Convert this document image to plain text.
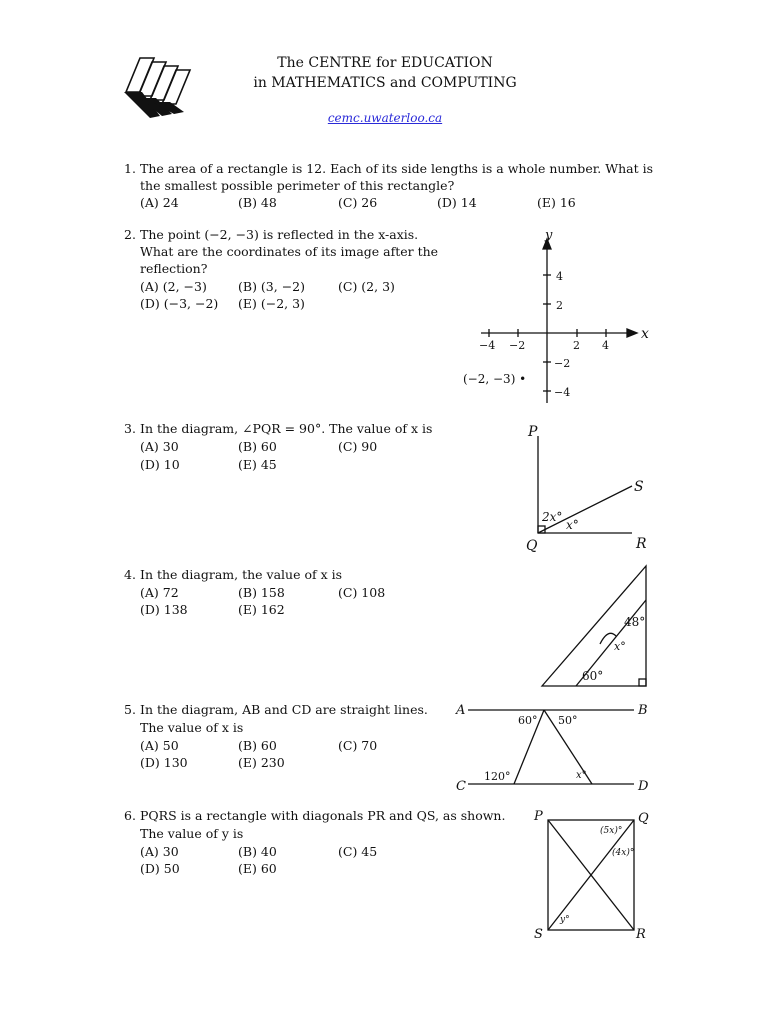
The CENTRE for EDUCATION
in MATHEMATICS and COMPUTING
cemc.uwaterloo.ca
1. The area of a rectangle is 12. Each of its side lengths is a whole number. What is
the smallest possible perimeter of this rectangle?
(A) 24	(B) 48	(C) 26	(D) 14	(E) 16
2. The point (−2, −3) is reflected in the x-axis.
What are the coordinates of its image after the
reflection?
(A) (2, −3) (B) (3, −2)	(C) (2, 3)
(D) (−3, −2) (E) (−2, 3)
x
y
−4 −2	2 4
4
2
−2
−4
(−2, −3) •
3. In the diagram, ∠PQR = 90°. The value of x is
(A) 30	(B) 60	(C) 90
(D) 10	(E) 45
P
Q	R
S
2x°
x°
4. In the diagram, the value of x is
(A) 72	(B) 158	(C) 108
(D) 138	(E) 162
48°
x°
60°
5. In the diagram, AB and CD are straight lines.
The value of x is
(A) 50	(B) 60	(C) 70
(D) 130	(E) 230
A	B
C	D
60° 50°
120°	x°
6. PQRS is a rectangle with diagonals PR and QS, as shown.
The value of y is
(A) 30	(B) 40	(C) 45
(D) 50	(E) 60
P	Q
R
S
(5x)°
(4x)°
y°
